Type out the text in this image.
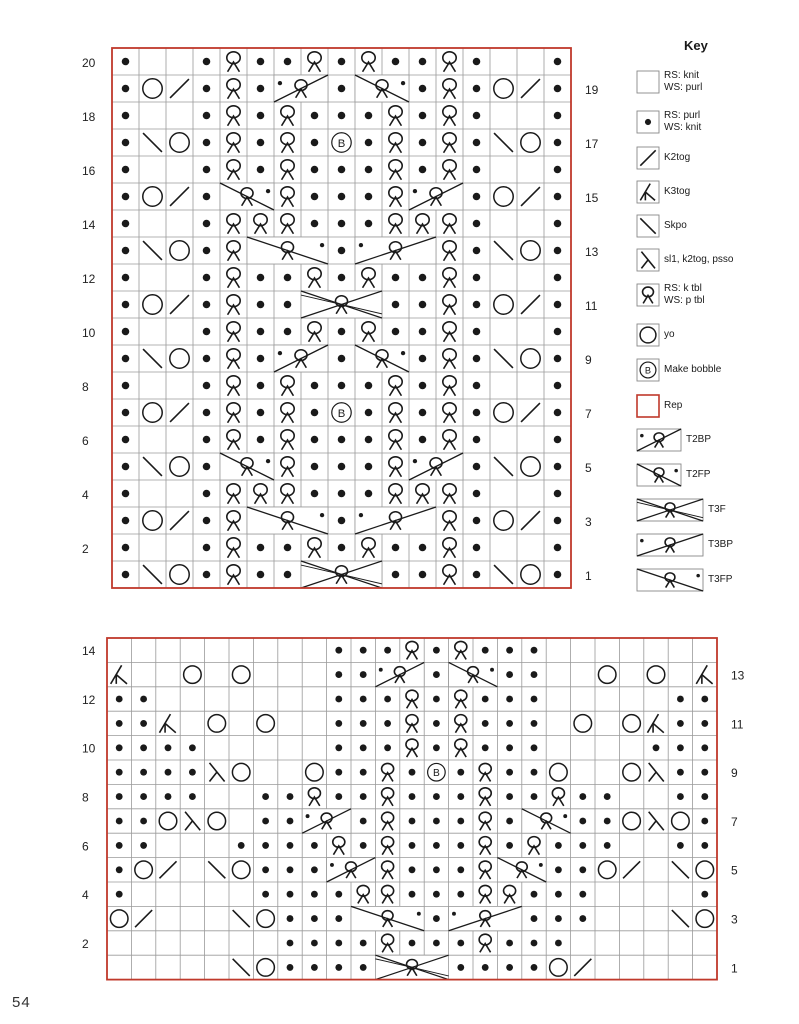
B
B
20
18
16
14
12
10
8
6
4
2
19
17
15
13
11
9
7
5
3
1
B
14
12
10
8
6
4
2
13
11
9
7
5
3
1
Key
RS: knit
WS: purl
RS: purl
WS: knit
K2tog
K3tog
Skpo
sl1, k2tog, psso
RS: k tbl
WS: p tbl
yo
B Make bobble
Rep
T2BP
T2FP
T3F
T3BP
T3FP
54
